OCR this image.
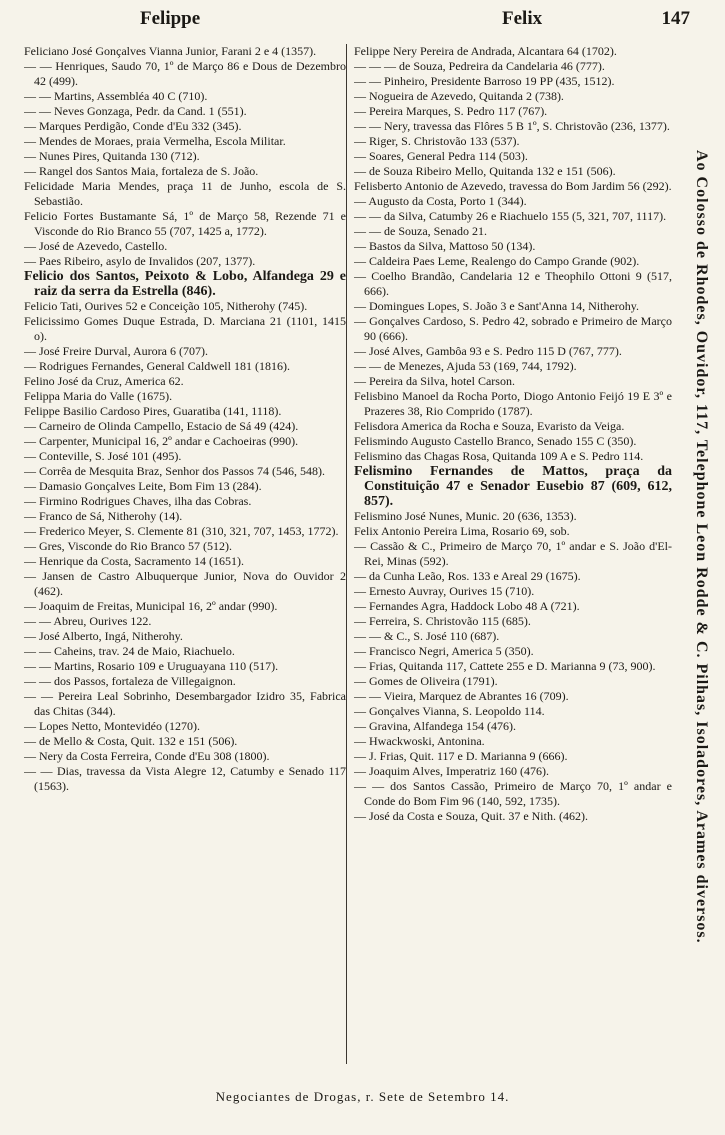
Felippe	Felix	147

Feliciano José Gonçalves Vianna Junior, Farani 2 e 4 (1357).

— — Henriques, Saudo 70, 1º de Março 86 e Dous de Dezembro 42 (499).

— — Martins, Assembléa 40 C (710).

— — Neves Gonzaga, Pedr. da Cand. 1 (551).

— Marques Perdigão, Conde d'Eu 332 (345).

— Mendes de Moraes, praia Vermelha, Escola Militar.

— Nunes Pires, Quitanda 130 (712).

— Rangel dos Santos Maia, fortaleza de S. João.

Felicidade Maria Mendes, praça 11 de Junho, escola de S. Sebastião.

Felicio Fortes Bustamante Sá, 1º de Março 58, Rezende 71 e Visconde do Rio Branco 55 (707, 1425 a, 1772).

— José de Azevedo, Castello.

— Paes Ribeiro, asylo de Invalidos (207, 1377).

Felicio dos Santos, Peixoto & Lobo, Alfandega 29 e raiz da serra da Estrella (846).

Felicio Tati, Ourives 52 e Conceição 105, Nitherohy (745).

Felicissimo Gomes Duque Estrada, D. Marciana 21 (1101, 1415 o).

— José Freire Durval, Aurora 6 (707).

— Rodrigues Fernandes, General Caldwell 181 (1816).

Felino José da Cruz, America 62.

Felippa Maria do Valle (1675).

Felippe Basilio Cardoso Pires, Guaratiba (141, 1118).

— Carneiro de Olinda Campello, Estacio de Sá 49 (424).

— Carpenter, Municipal 16, 2º andar e Cachoeiras (990).

— Conteville, S. José 101 (495).

— Corrêa de Mesquita Braz, Senhor dos Passos 74 (546, 548).

— Damasio Gonçalves Leite, Bom Fim 13 (284).

— Firmino Rodrigues Chaves, ilha das Cobras.

— Franco de Sá, Nitherohy (14).

— Frederico Meyer, S. Clemente 81 (310, 321, 707, 1453, 1772).

— Gres, Visconde do Rio Branco 57 (512).

— Henrique da Costa, Sacramento 14 (1651).

— Jansen de Castro Albuquerque Junior, Nova do Ouvidor 2 (462).

— Joaquim de Freitas, Municipal 16, 2º andar (990).

— — Abreu, Ourives 122.

— José Alberto, Ingá, Nitherohy.

— — Caheins, trav. 24 de Maio, Riachuelo.

— — Martins, Rosario 109 e Uruguayana 110 (517).

— — dos Passos, fortaleza de Villegaignon.

— — Pereira Leal Sobrinho, Desembargador Izidro 35, Fabrica das Chitas (344).

— Lopes Netto, Montevidéo (1270).

— de Mello & Costa, Quit. 132 e 151 (506).

— Nery da Costa Ferreira, Conde d'Eu 308 (1800).

— — Dias, travessa da Vista Alegre 12, Catumby e Senado 117 (1563).

Felippe Nery Pereira de Andrada, Alcantara 64 (1702).

— — — de Souza, Pedreira da Candelaria 46 (777).

— — Pinheiro, Presidente Barroso 19 PP (435, 1512).

— Nogueira de Azevedo, Quitanda 2 (738).

— Pereira Marques, S. Pedro 117 (767).

— — Nery, travessa das Flôres 5 B 1º, S. Christovão (236, 1377).

— Riger, S. Christovão 133 (537).

— Soares, General Pedra 114 (503).

— de Souza Ribeiro Mello, Quitanda 132 e 151 (506).

Felisberto Antonio de Azevedo, travessa do Bom Jardim 56 (292).

— Augusto da Costa, Porto 1 (344).

— — da Silva, Catumby 26 e Riachuelo 155 (5, 321, 707, 1117).

— — de Souza, Senado 21.

— Bastos da Silva, Mattoso 50 (134).

— Caldeira Paes Leme, Realengo do Campo Grande (902).

— Coelho Brandão, Candelaria 12 e Theophilo Ottoni 9 (517, 666).

— Domingues Lopes, S. João 3 e Sant'Anna 14, Nitherohy.

— Gonçalves Cardoso, S. Pedro 42, sobrado e Primeiro de Março 90 (666).

— José Alves, Gambôa 93 e S. Pedro 115 D (767, 777).

— — de Menezes, Ajuda 53 (169, 744, 1792).

— Pereira da Silva, hotel Carson.

Felisbino Manoel da Rocha Porto, Diogo Antonio Feijó 19 E 3º e Prazeres 38, Rio Comprido (1787).

Felisdora America da Rocha e Souza, Evaristo da Veiga.

Felismindo Augusto Castello Branco, Senado 155 C (350).

Felismino das Chagas Rosa, Quitanda 109 A e S. Pedro 114.

Felismino Fernandes de Mattos, praça da Constituição 47 e Senador Eusebio 87 (609, 612, 857).

Felismino José Nunes, Munic. 20 (636, 1353).

Felix Antonio Pereira Lima, Rosario 69, sob.

— Cassão & C., Primeiro de Março 70, 1º andar e S. João d'El-Rei, Minas (592).

— da Cunha Leão, Ros. 133 e Areal 29 (1675).

— Ernesto Auvray, Ourives 15 (710).

— Fernandes Agra, Haddock Lobo 48 A (721).

— Ferreira, S. Christovão 115 (685).

— — & C., S. José 110 (687).

— Francisco Negri, America 5 (350).

— Frias, Quitanda 117, Cattete 255 e D. Marianna 9 (73, 900).

— Gomes de Oliveira (1791).

— — Vieira, Marquez de Abrantes 16 (709).

— Gonçalves Vianna, S. Leopoldo 114.

— Gravina, Alfandega 154 (476).

— Hwackwoski, Antonina.

— J. Frias, Quit. 117 e D. Marianna 9 (666).

— Joaquim Alves, Imperatriz 160 (476).

— — dos Santos Cassão, Primeiro de Março 70, 1º andar e Conde do Bom Fim 96 (140, 592, 1735).

— José da Costa e Souza, Quit. 37 e Nith. (462).	Ao Colosso de Rhodes, Ouvidor, 117, Telephone Leon Rodde & C. Pilhas, Isoladores, Arames diversos.
Negociantes de Drogas, r. Sete de Setembro 14.
